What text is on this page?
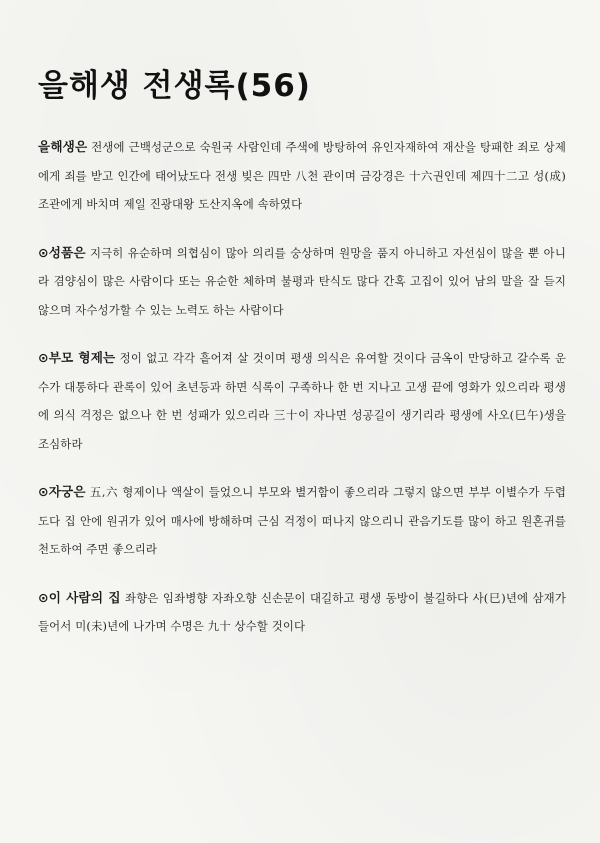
을해생 전생록(56)
을해생은 전생에 근백성군으로 숙원국 사람인데 주색에 방탕하여 유인자재하여 재산을 탕패한 죄로 상제에게 죄를 받고 인간에 태어났도다 전생 빚은 四만 八천 관이며 금강경은 十六권인데 제四十二고 성(成)조관에게 바치며 제일 진광대왕 도산지옥에 속하였다
⊙성품은 지극히 유순하며 의협심이 많아 의리를 숭상하며 원망을 품지 아니하고 자선심이 많을 뿐 아니라 겸양심이 많은 사람이다 또는 유순한 체하며 불평과 탄식도 많다 간혹 고집이 있어 남의 말을 잘 듣지 않으며 자수성가할 수 있는 노력도 하는 사람이다
⊙부모 형제는 정이 없고 각각 흩어져 살 것이며 평생 의식은 유여할 것이다 금옥이 만당하고 갈수록 운수가 대통하다 관록이 있어 초년등과 하면 식록이 구족하나 한 번 지나고 고생 끝에 영화가 있으리라 평생에 의식 걱정은 없으나 한 번 성패가 있으리라 三十이 자나면 성공길이 생기리라 평생에 사오(巳午)생을 조심하라
⊙자궁은 五,六 형제이나 액살이 들었으니 부모와 별거함이 좋으리라 그렇지 않으면 부부 이별수가 두렵도다 집 안에 원귀가 있어 매사에 방해하며 근심 걱정이 떠나지 않으리니 관음기도를 많이 하고 원혼귀를 천도하여 주면 좋으리라
⊙이 사람의 집 좌향은 임좌병향 자좌오향 신손문이 대길하고 평생 동방이 불길하다 사(巳)년에 삼재가 들어서 미(未)년에 나가며 수명은 九十 상수할 것이다
